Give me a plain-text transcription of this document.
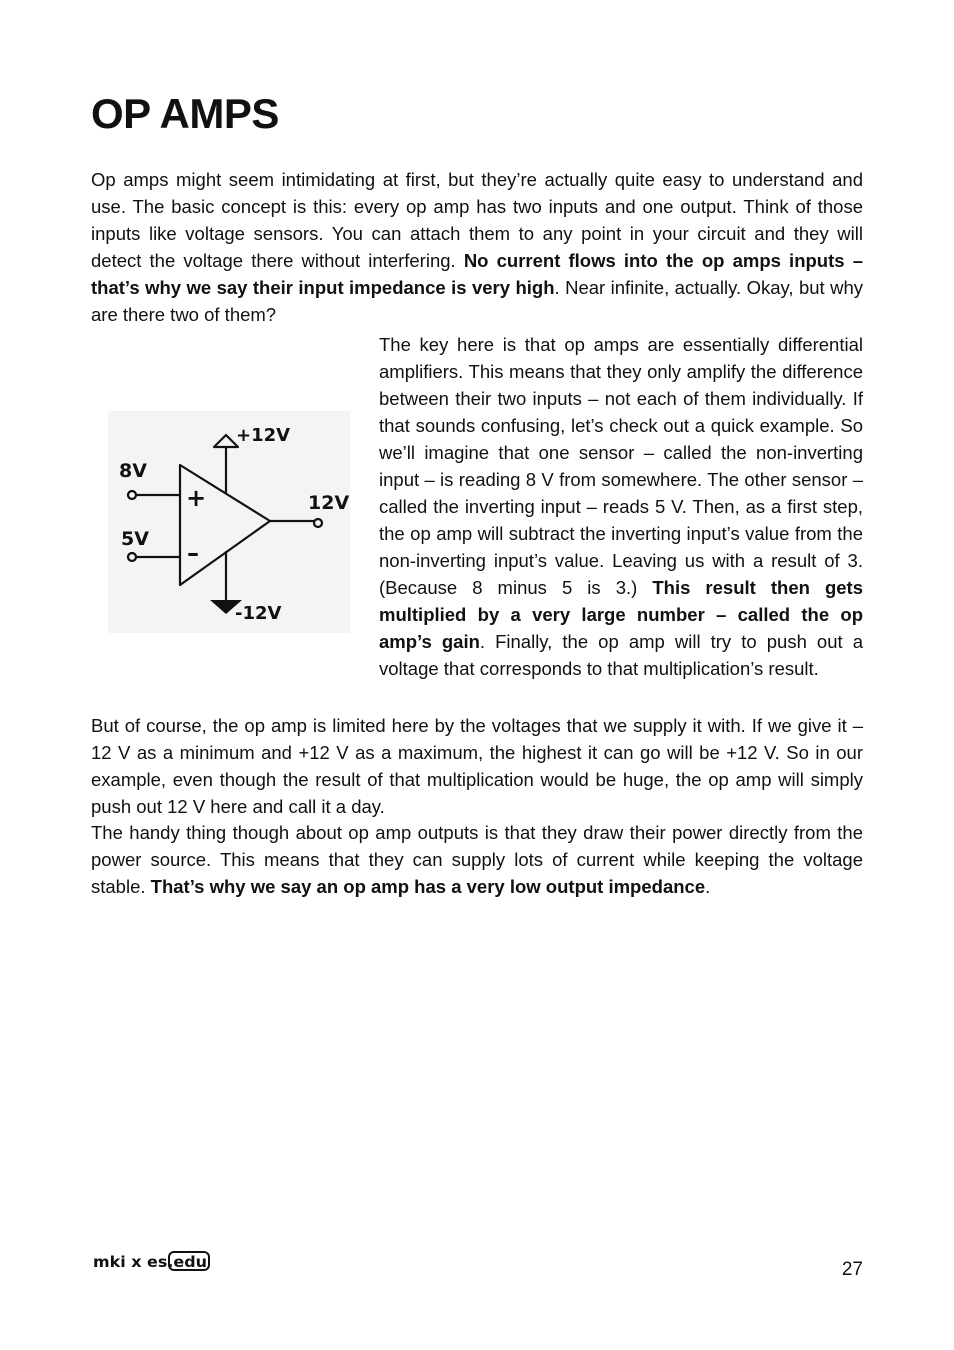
OP AMPS

Op amps might seem intimidating at first, but they’re actually quite easy to understand and use. The basic concept is this: every op amp has two inputs and one output. Think of those inputs like voltage sensors. You can attach them to any point in your circuit and they will detect the voltage there without interfering. No current flows into the op amps inputs – that’s why we say their input impedance is very high. Near infinite, actually. Okay, but why are there two of them?

The key here is that op amps are essentially differential amplifiers. This means that they only amplify the difference between their two inputs – not each of them individually. If that sounds confusing, let’s check out a quick example. So we’ll imagine that one sensor – called the non-inverting input – is reading 8 V from somewhere. The other sensor – called the inverting input – reads 5 V. Then, as a first step, the op amp will subtract the inverting input’s value from the non-inverting input’s value. Leaving us with a result of 3. (Because 8 minus 5 is 3.) This result then gets multiplied by a very large number – called the op amp’s gain. Finally, the op amp will try to push out a voltage that corresponds to that multiplication’s result.

But of course, the op amp is limited here by the voltages that we supply it with. If we give it –12 V as a minimum and +12 V as a maximum, the highest it can go will be +12 V. So in our example, even though the result of that multiplication would be huge, the op amp will simply push out 12 V here and call it a day.

The handy thing though about op amp outputs is that they draw their power directly from the power source. This means that they can supply lots of current while keeping the voltage stable. That’s why we say an op amp has a very low output impedance.

+
–
+12V
-12V
8V
5V
12V
mki x es.edu	27
